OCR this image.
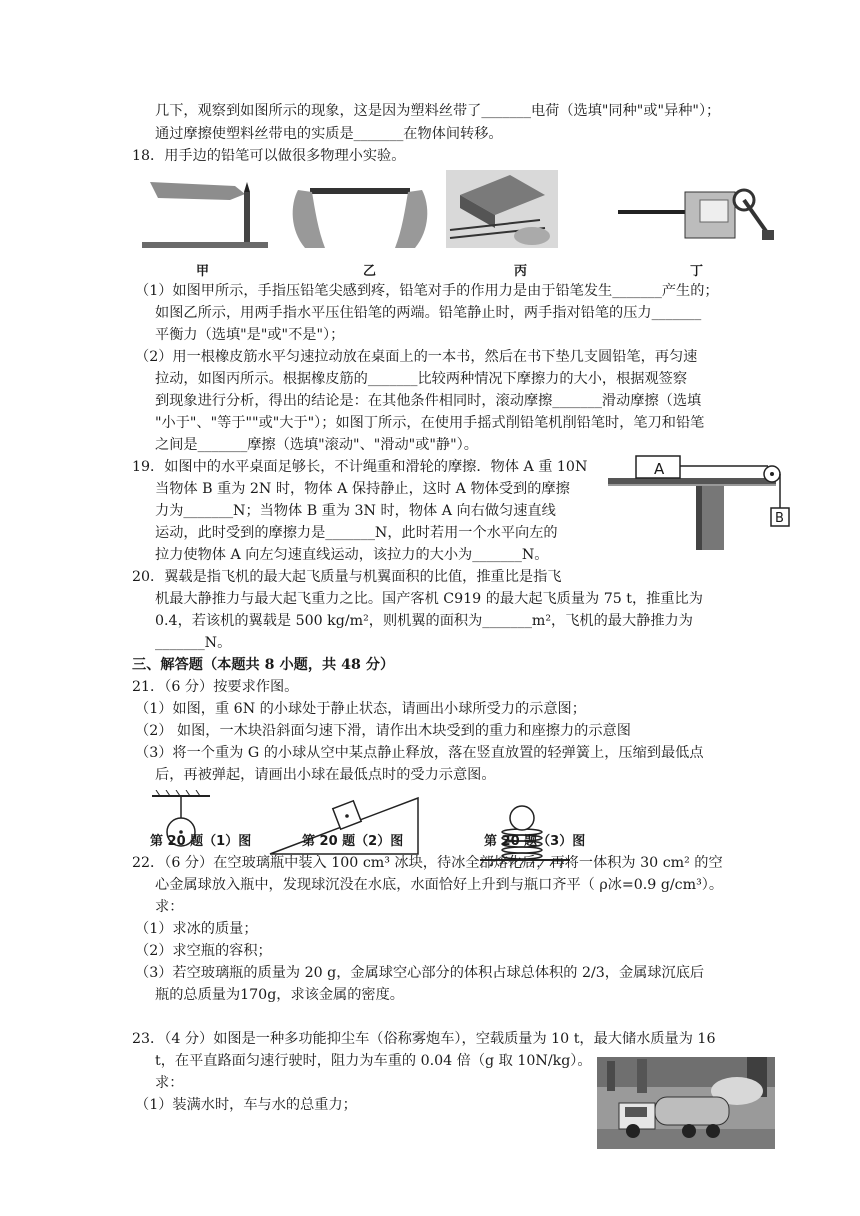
几下，观察到如图所示的现象，这是因为塑料丝带了_______电荷（选填"同种"或"异种"）；
通过摩擦使塑料丝带电的实质是_______在物体间转移。
18．用手边的铅笔可以做很多物理小实验。
甲	乙	丙	丁
（1）如图甲所示，手指压铅笔尖感到疼，铅笔对手的作用力是由于铅笔发生_______产生的；
如图乙所示，用两手指水平压住铅笔的两端。铅笔静止时，两手指对铅笔的压力_______
平衡力（选填"是"或"不是"）；
（2）用一根橡皮筋水平匀速拉动放在桌面上的一本书，然后在书下垫几支圆铅笔，再匀速
拉动，如图丙所示。根据橡皮筋的_______比较两种情况下摩擦力的大小，根据观签察
到现象进行分析，得出的结论是：在其他条件相同时，滚动摩擦_______滑动摩擦（选填
"小于"、"等于""或"大于"）；如图丁所示，在使用手摇式削铅笔机削铅笔时，笔刀和铅笔
之间是_______摩擦（选填"滚动"、"滑动"或"静"）。
19．如图中的水平桌面足够长，不计绳重和滑轮的摩擦．物体 A 重 10N
当物体 B 重为 2N 时，物体 A 保持静止，这时 A 物体受到的摩擦
力为_______N；当物体 B 重为 3N 时，物体 A 向右做匀速直线
运动，此时受到的摩擦力是_______N，此时若用一个水平向左的
拉力使物体 A 向左匀速直线运动，该拉力的大小为_______N。
A
B
20．翼载是指飞机的最大起飞质量与机翼面积的比值，推重比是指飞
机最大静推力与最大起飞重力之比。国产客机 C919 的最大起飞质量为 75 t，推重比为
0.4，若该机的翼载是 500 kg/m²，则机翼的面积为_______m²，飞机的最大静推力为
_______N。
三、解答题（本题共 8 小题，共 48 分）
21．（6 分）按要求作图。
（1）如图，重 6N 的小球处于静止状态，请画出小球所受力的示意图；
（2） 如图，一木块沿斜面匀速下滑，请作出木块受到的重力和座擦力的示意图
（3）将一个重为 G 的小球从空中某点静止释放，落在竖直放置的轻弹簧上，压缩到最低点
后，再被弹起，请画出小球在最低点时的受力示意图。
第 20 题（1）图	第 20 题（2）图	第 20 题（3）图
22．（6 分）在空玻璃瓶中装入 100 cm³ 冰块，待冰全部熔化后，再将一体积为 30 cm² 的空
心金属球放入瓶中，发现球沉没在水底，水面恰好上升到与瓶口齐平（ ρ冰=0.9 g/cm³）。
求：
（1）求冰的质量；
（2）求空瓶的容积；
（3）若空玻璃瓶的质量为 20 g，金属球空心部分的体积占球总体积的 2/3，金属球沉底后
瓶的总质量为170g，求该金属的密度。
23．（4 分）如图是一种多功能抑尘车（俗称雾炮车），空载质量为 10 t，最大储水质量为 16
t，在平直路面匀速行驶时，阻力为车重的 0.04 倍（g 取 10N/kg）。
求：
（1）装满水时，车与水的总重力；
